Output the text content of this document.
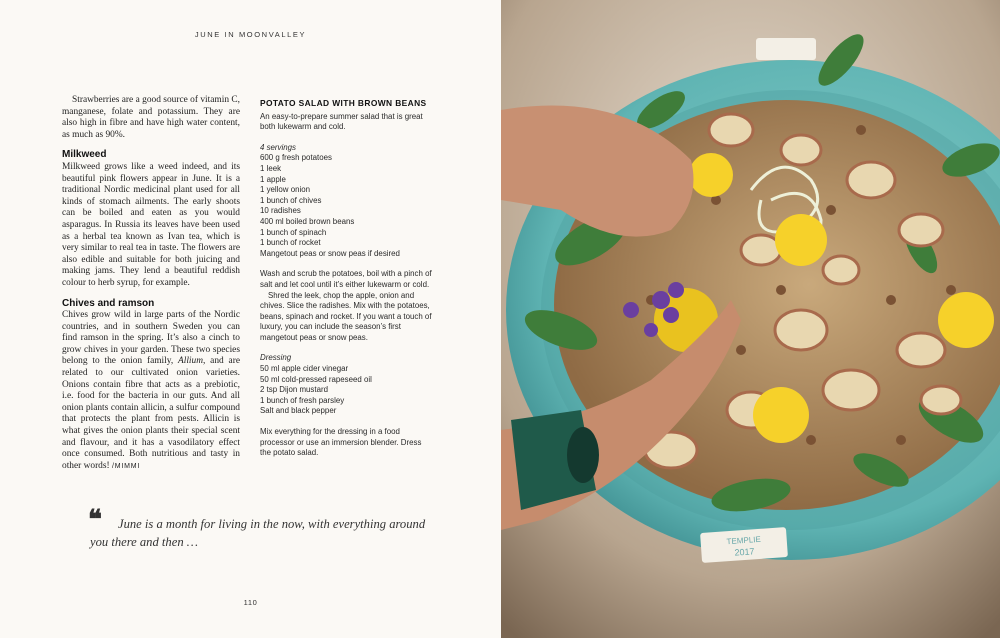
JUNE IN MOONVALLEY

Strawberries are a good source of vitamin C, manganese, folate and potassium. They are also high in fibre and have high water content, as much as 90%.

Milkweed

Milkweed grows like a weed indeed, and its beautiful pink flowers appear in June. It is a traditional Nordic medicinal plant used for all kinds of stomach ailments. The early shoots can be boiled and eaten as you would asparagus. In Russia its leaves have been used as a herbal tea known as Ivan tea, which is very similar to real tea in taste. The flowers are also edible and suitable for both juicing and making jams. They lend a beautiful reddish colour to herb syrup, for example.

Chives and ramson

Chives grow wild in large parts of the Nordic countries, and in southern Sweden you can find ramson in the spring. It’s also a cinch to grow chives in your garden. These two species belong to the onion family, Allium, and are related to our cultivated onion varieties. Onions contain fibre that acts as a prebiotic, i.e. food for the bacteria in our guts. And all onion plants contain allicin, a sulfur compound that protects the plant from pests. Allicin is what gives the onion plants their special scent and flavour, and it has a vasodilatory effect once consumed. Both nutritious and tasty in other words! /MIMMI

POTATO SALAD WITH BROWN BEANS

An easy-to-prepare summer salad that is great both lukewarm and cold.

4 servings

600 g fresh potatoes

1 leek

1 apple

1 yellow onion

1 bunch of chives

10 radishes

400 ml boiled brown beans

1 bunch of spinach

1 bunch of rocket

Mangetout peas or snow peas if desired

Wash and scrub the potatoes, boil with a pinch of salt and let cool until it’s either lukewarm or cold.

Shred the leek, chop the apple, onion and chives. Slice the radishes. Mix with the potatoes, beans, spinach and rocket. If you want a touch of luxury, you can include the season’s first mangetout peas or snow peas.

Dressing

50 ml apple cider vinegar

50 ml cold-pressed rapeseed oil

2 tsp Dijon mustard

1 bunch of fresh parsley

Salt and black pepper

Mix everything for the dressing in a food processor or use an immersion blender. Dress the potato salad.

❝	June is a month for living in the now, with everything around you there and then …
110
TEMPLIE
2017
